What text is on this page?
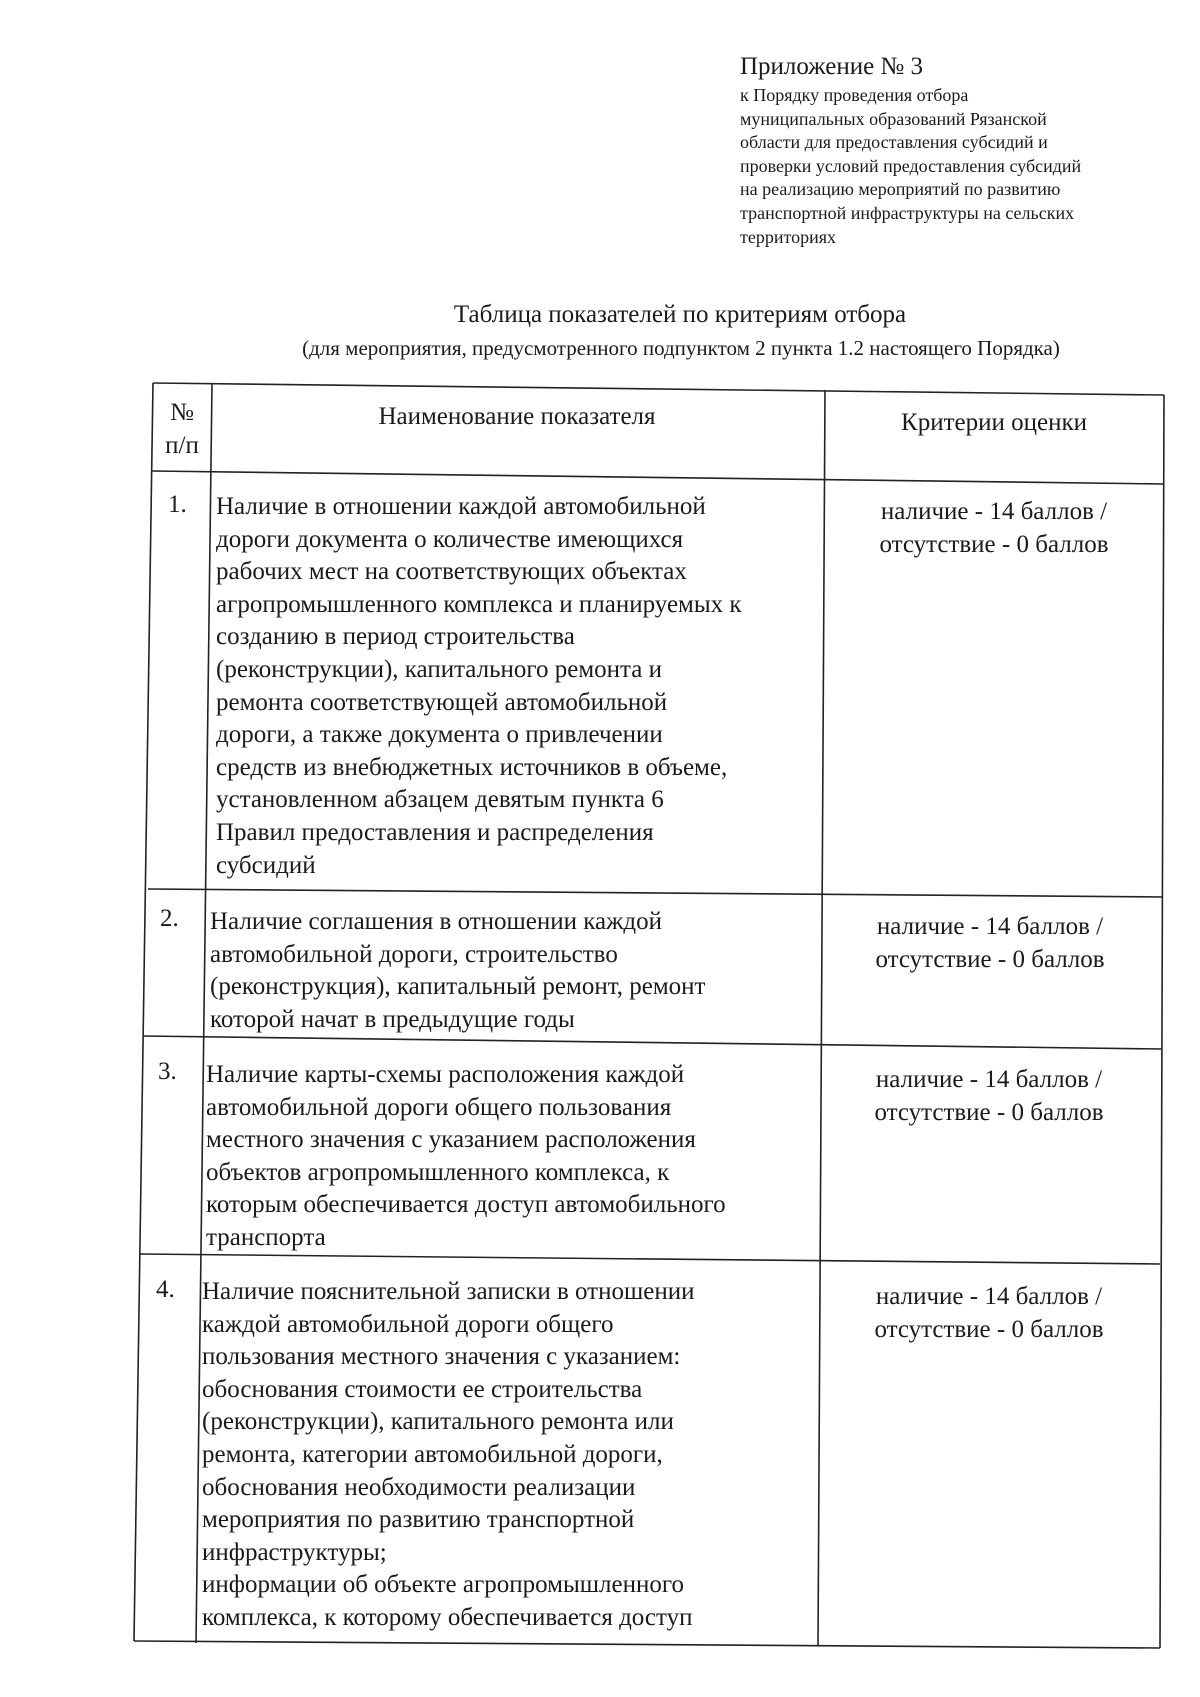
Приложение № 3
к Порядку проведения отбора
муниципальных образований Рязанской
области для предоставления субсидий и
проверки условий предоставления субсидий
на реализацию мероприятий по развитию
транспортной инфраструктуры на сельских
территориях
Таблица показателей по критериям отбора
(для мероприятия, предусмотренного подпунктом 2 пункта 1.2 настоящего Порядка)
№
п/п
Наименование показателя	Критерии оценки
1. Наличие в отношении каждой автомобильной
дороги документа о количестве имеющихся
рабочих мест на соответствующих объектах
агропромышленного комплекса и планируемых к
созданию в период строительства
(реконструкции), капитального ремонта и
ремонта соответствующей автомобильной
дороги, а также документа о привлечении
средств из внебюджетных источников в объеме,
установленном абзацем девятым пункта 6
Правил предоставления и распределения
субсидий
наличие - 14 баллов /
отсутствие - 0 баллов
2. Наличие соглашения в отношении каждой
автомобильной дороги, строительство
(реконструкция), капитальный ремонт, ремонт
которой начат в предыдущие годы
наличие - 14 баллов /
отсутствие - 0 баллов
3. Наличие карты-схемы расположения каждой
автомобильной дороги общего пользования
местного значения с указанием расположения
объектов агропромышленного комплекса, к
которым обеспечивается доступ автомобильного
транспорта
наличие - 14 баллов /
отсутствие - 0 баллов
4. Наличие пояснительной записки в отношении
каждой автомобильной дороги общего
пользования местного значения с указанием:
обоснования стоимости ее строительства
(реконструкции), капитального ремонта или
ремонта, категории автомобильной дороги,
обоснования необходимости реализации
мероприятия по развитию транспортной
инфраструктуры;
информации об объекте агропромышленного
комплекса, к которому обеспечивается доступ
наличие - 14 баллов /
отсутствие - 0 баллов
